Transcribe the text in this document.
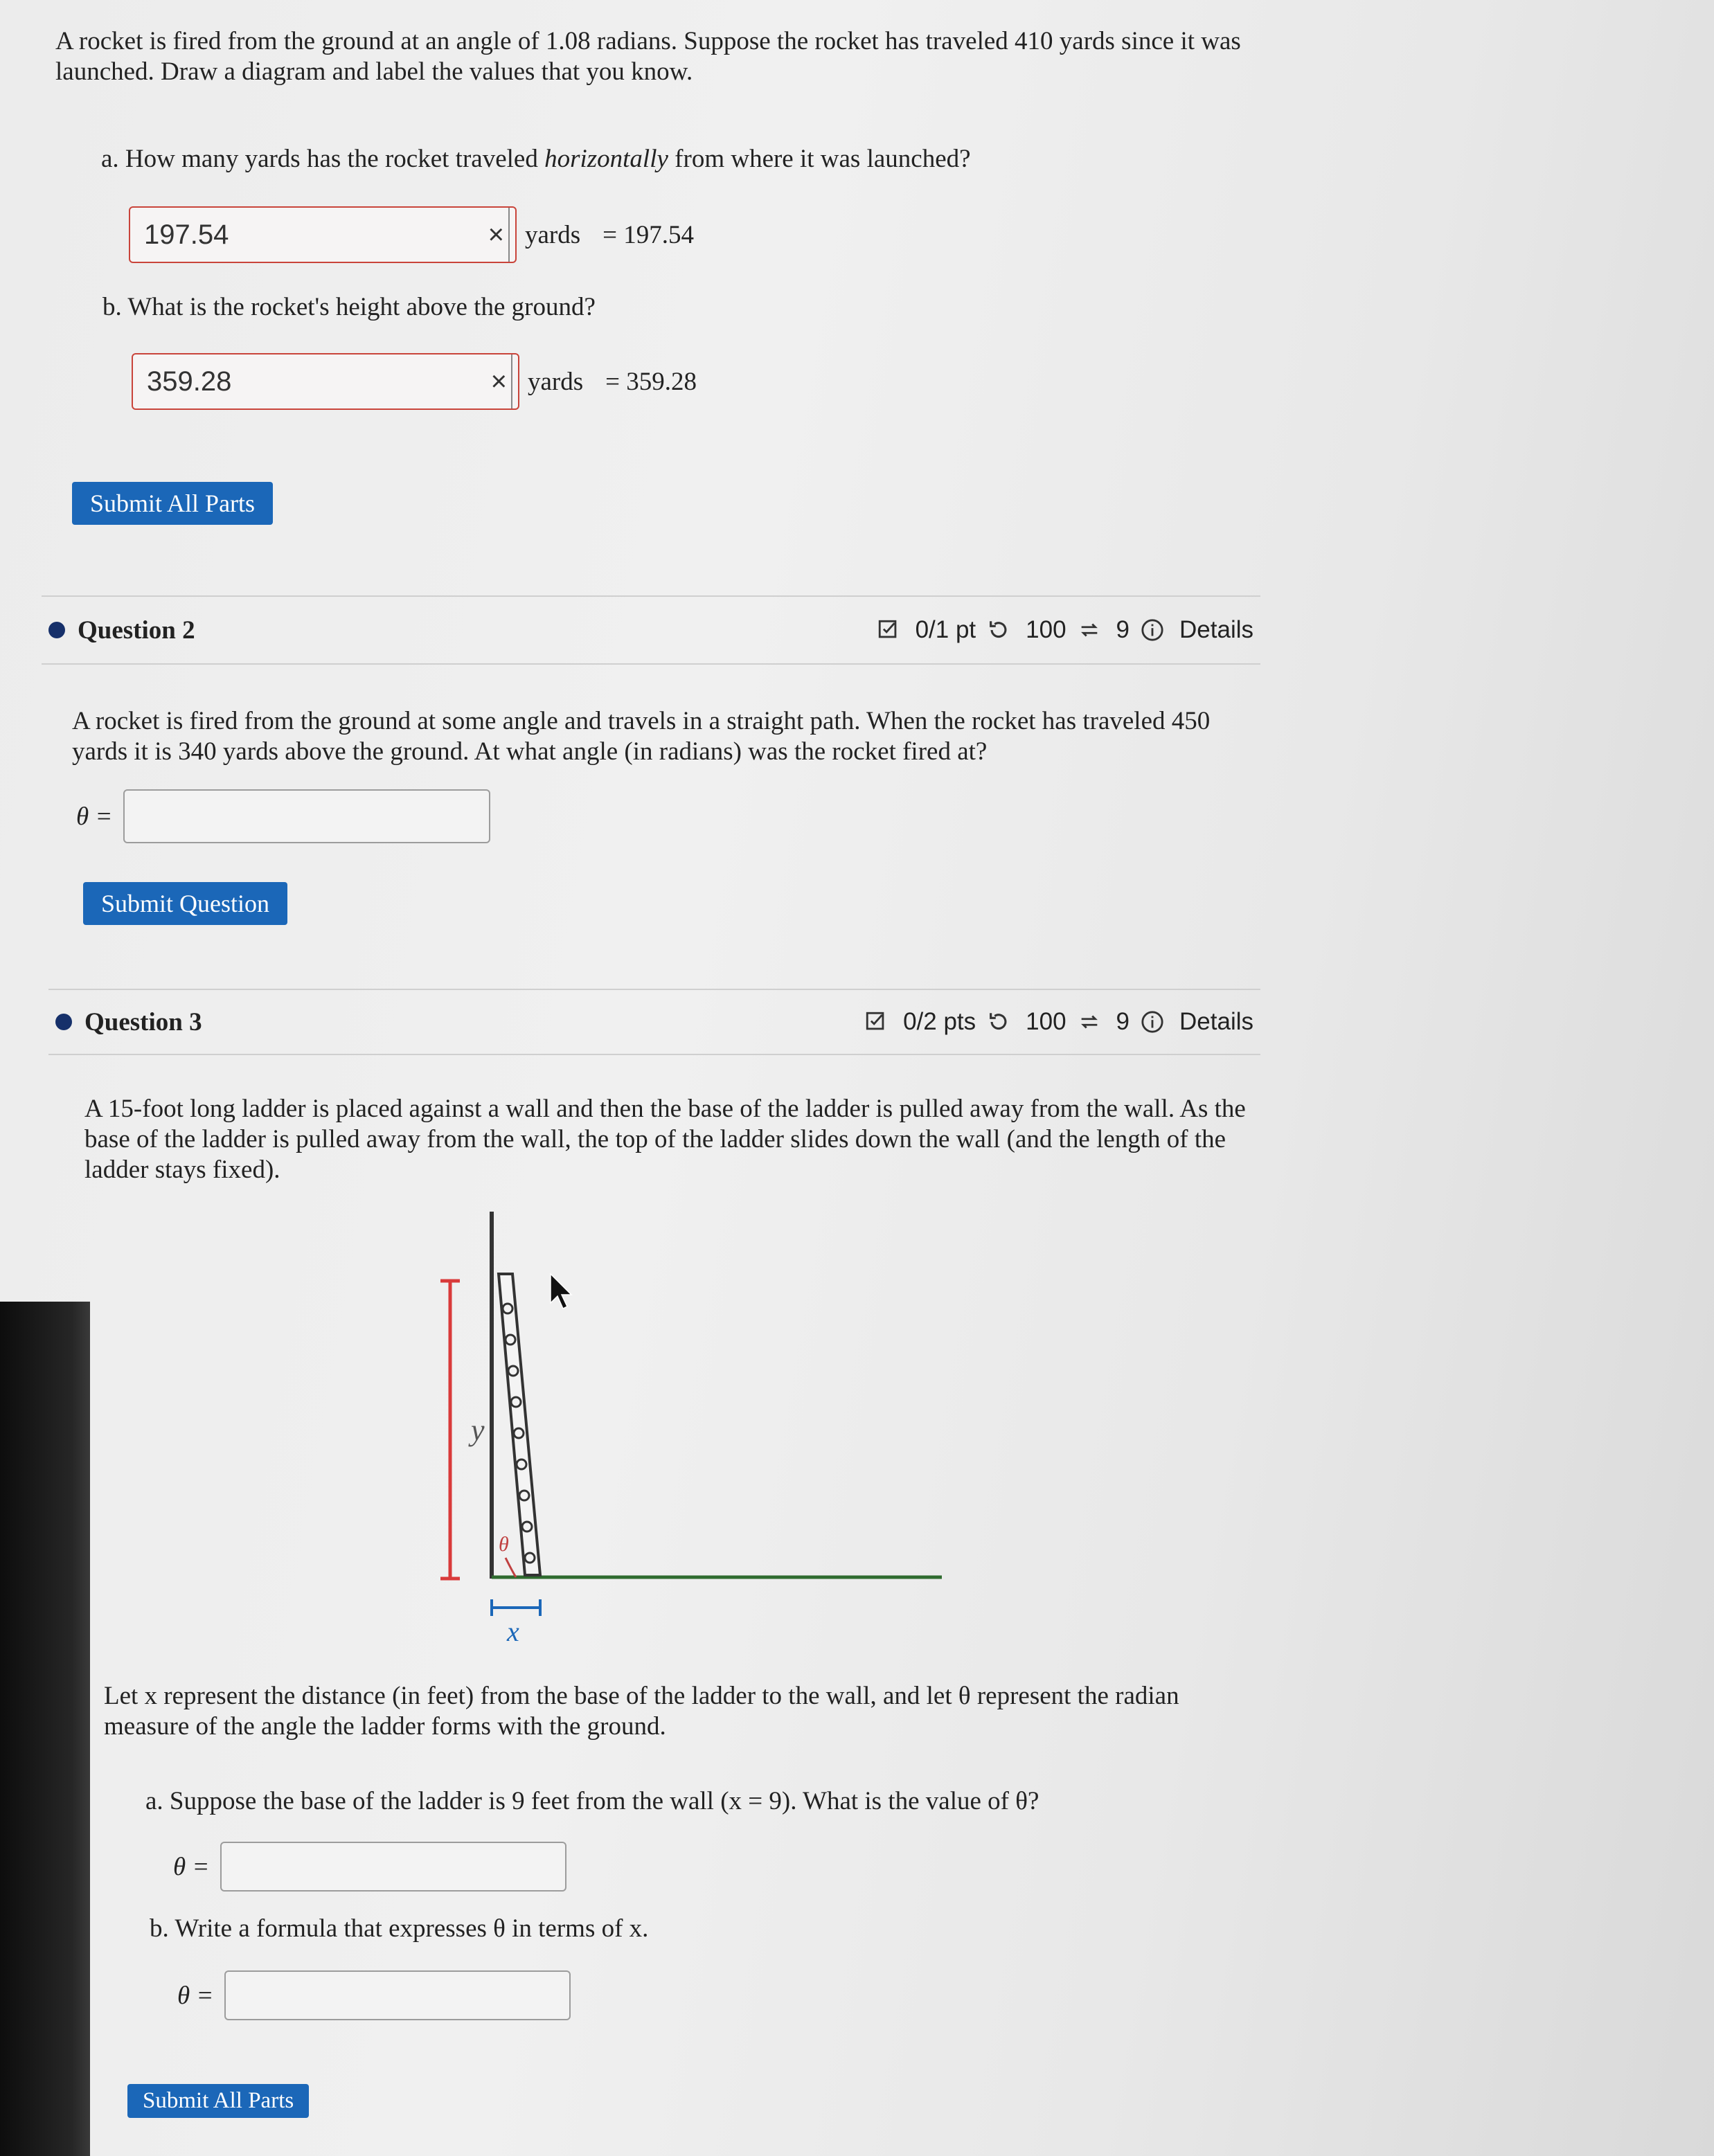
A rocket is fired from the ground at an angle of 1.08 radians. Suppose the rocket has traveled 410 yards since it was launched. Draw a diagram and label the values that you know.

a. How many yards has the rocket traveled horizontally from where it was launched?

197.54	× yards = 197.54

b. What is the rocket's height above the ground?

359.28	× yards = 359.28
Submit All Parts
Question 2	0/1 pt 100 9 Details

A rocket is fired from the ground at some angle and travels in a straight path. When the rocket has traveled 450 yards it is 340 yards above the ground. At what angle (in radians) was the rocket fired at?

θ =
Submit Question
Question 3	0/2 pts 100 9 Details

A 15-foot long ladder is placed against a wall and then the base of the ladder is pulled away from the wall. As the base of the ladder is pulled away from the wall, the top of the ladder slides down the wall (and the length of the ladder stays fixed).

θ
y
x

Let x represent the distance (in feet) from the base of the ladder to the wall, and let θ represent the radian measure of the angle the ladder forms with the ground.

a. Suppose the base of the ladder is 9 feet from the wall (x = 9). What is the value of θ?

θ =

b. Write a formula that expresses θ in terms of x.

θ =
Submit All Parts
